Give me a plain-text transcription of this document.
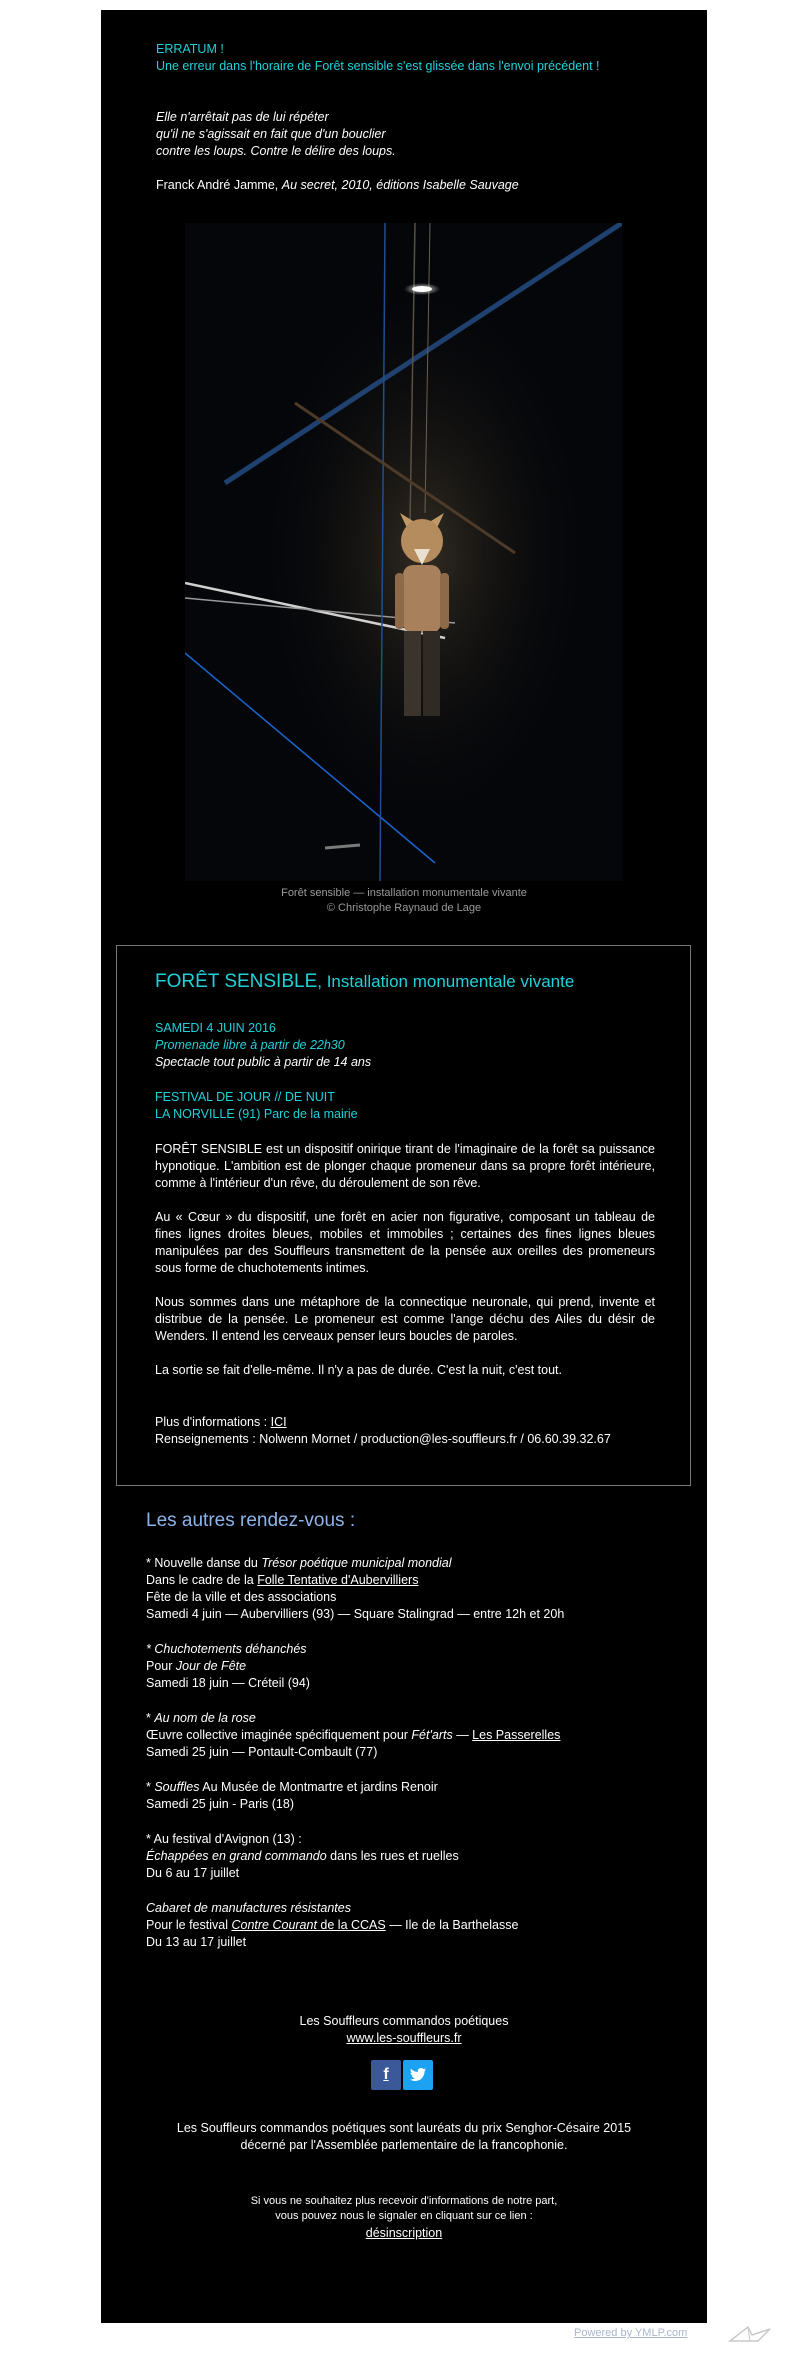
ERRATUM !

Une erreur dans l'horaire de Forêt sensible s'est glissée dans l'envoi précédent !

Elle n'arrêtait pas de lui répéter

qu'il ne s'agissait en fait que d'un bouclier

contre les loups. Contre le délire des loups.

Franck André Jamme, Au secret, 2010, éditions Isabelle Sauvage

Forêt sensible — installation monumentale vivante
© Christophe Raynaud de Lage
FORÊT SENSIBLE, Installation monumentale vivante

SAMEDI 4 JUIN 2016

Promenade libre à partir de 22h30

Spectacle tout public à partir de 14 ans

FESTIVAL DE JOUR // DE NUIT

LA NORVILLE (91) Parc de la mairie

FORÊT SENSIBLE est un dispositif onirique tirant de l'imaginaire de la forêt sa puissance hypnotique. L'ambition est de plonger chaque promeneur dans sa propre forêt intérieure, comme à l'intérieur d'un rêve, du déroulement de son rêve.

Au « Cœur » du dispositif, une forêt en acier non figurative, composant un tableau de fines lignes droites bleues, mobiles et immobiles ; certaines des fines lignes bleues manipulées par des Souffleurs transmettent de la pensée aux oreilles des promeneurs sous forme de chuchotements intimes.

Nous sommes dans une métaphore de la connectique neuronale, qui prend, invente et distribue de la pensée. Le promeneur est comme l'ange déchu des Ailes du désir de Wenders. Il entend les cerveaux penser leurs boucles de paroles.

La sortie se fait d'elle-même. Il n'y a pas de durée. C'est la nuit, c'est tout.

Plus d'informations : ICI

Renseignements : Nolwenn Mornet / production@les-souffleurs.fr / 06.60.39.32.67

Les autres rendez-vous :

* Nouvelle danse du Trésor poétique municipal mondial

Dans le cadre de la Folle Tentative d'Aubervilliers

Fête de la ville et des associations

Samedi 4 juin — Aubervilliers (93) — Square Stalingrad — entre 12h et 20h

* Chuchotements déhanchés

Pour Jour de Fête

Samedi 18 juin — Créteil (94)

* Au nom de la rose

Œuvre collective imaginée spécifiquement pour Fét'arts — Les Passerelles

Samedi 25 juin — Pontault-Combault (77)

* Souffles Au Musée de Montmartre et jardins Renoir

Samedi 25 juin - Paris (18)

* Au festival d'Avignon (13) :

Échappées en grand commando dans les rues et ruelles

Du 6 au 17 juillet

Cabaret de manufactures résistantes

Pour le festival Contre Courant de la CCAS — Ile de la Barthelasse

Du 13 au 17 juillet

Les Souffleurs commandos poétiques
www.les-souffleurs.fr
f
Les Souffleurs commandos poétiques sont lauréats du prix Senghor-Césaire 2015
décerné par l'Assemblée parlementaire de la francophonie.
Si vous ne souhaitez plus recevoir d'informations de notre part,
vous pouvez nous le signaler en cliquant sur ce lien :
désinscription
Powered by YMLP.com
